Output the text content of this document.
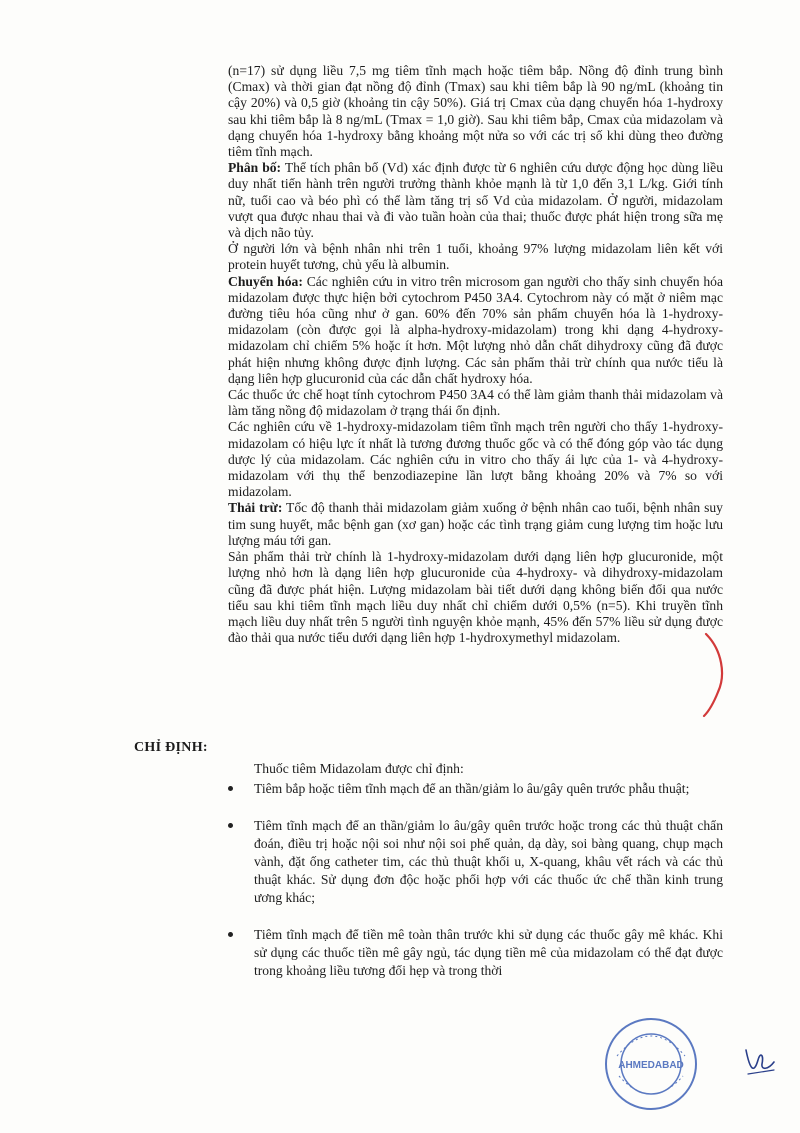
(n=17) sử dụng liều 7,5 mg tiêm tĩnh mạch hoặc tiêm bắp. Nồng độ đỉnh trung bình (Cmax) và thời gian đạt nồng độ đỉnh (Tmax) sau khi tiêm bắp là 90 ng/mL (khoảng tin cậy 20%) và 0,5 giờ (khoảng tin cậy 50%). Giá trị Cmax của dạng chuyển hóa 1-hydroxy sau khi tiêm bắp là 8 ng/mL (Tmax = 1,0 giờ). Sau khi tiêm bắp, Cmax của midazolam và dạng chuyển hóa 1-hydroxy bằng khoảng một nửa so với các trị số khi dùng theo đường tiêm tĩnh mạch.

Phân bố: Thể tích phân bố (Vd) xác định được từ 6 nghiên cứu dược động học dùng liều duy nhất tiến hành trên người trưởng thành khỏe mạnh là từ 1,0 đến 3,1 L/kg. Giới tính nữ, tuổi cao và béo phì có thể làm tăng trị số Vd của midazolam. Ở người, midazolam vượt qua được nhau thai và đi vào tuần hoàn của thai; thuốc được phát hiện trong sữa mẹ và dịch não tủy.

Ở người lớn và bệnh nhân nhi trên 1 tuổi, khoảng 97% lượng midazolam liên kết với protein huyết tương, chủ yếu là albumin.

Chuyển hóa: Các nghiên cứu in vitro trên microsom gan người cho thấy sinh chuyển hóa midazolam được thực hiện bởi cytochrom P450 3A4. Cytochrom này có mặt ở niêm mạc đường tiêu hóa cũng như ở gan. 60% đến 70% sản phẩm chuyển hóa là 1-hydroxy-midazolam (còn được gọi là alpha-hydroxy-midazolam) trong khi dạng 4-hydroxy-midazolam chỉ chiếm 5% hoặc ít hơn. Một lượng nhỏ dẫn chất dihydroxy cũng đã được phát hiện nhưng không được định lượng. Các sản phẩm thải trừ chính qua nước tiểu là dạng liên hợp glucuronid của các dẫn chất hydroxy hóa.

Các thuốc ức chế hoạt tính cytochrom P450 3A4 có thể làm giảm thanh thải midazolam và làm tăng nồng độ midazolam ở trạng thái ổn định.

Các nghiên cứu về 1-hydroxy-midazolam tiêm tĩnh mạch trên người cho thấy 1-hydroxy-midazolam có hiệu lực ít nhất là tương đương thuốc gốc và có thể đóng góp vào tác dụng dược lý của midazolam. Các nghiên cứu in vitro cho thấy ái lực của 1- và 4-hydroxy-midazolam với thụ thể benzodiazepine lần lượt bằng khoảng 20% và 7% so với midazolam.

Thải trừ: Tốc độ thanh thải midazolam giảm xuống ở bệnh nhân cao tuổi, bệnh nhân suy tim sung huyết, mắc bệnh gan (xơ gan) hoặc các tình trạng giảm cung lượng tim hoặc lưu lượng máu tới gan.

Sản phẩm thải trừ chính là 1-hydroxy-midazolam dưới dạng liên hợp glucuronide, một lượng nhỏ hơn là dạng liên hợp glucuronide của 4-hydroxy- và dihydroxy-midazolam cũng đã được phát hiện. Lượng midazolam bài tiết dưới dạng không biến đổi qua nước tiểu sau khi tiêm tĩnh mạch liều duy nhất chỉ chiếm dưới 0,5% (n=5). Khi truyền tĩnh mạch liều duy nhất trên 5 người tình nguyện khỏe mạnh, 45% đến 57% liều sử dụng được đào thải qua nước tiểu dưới dạng liên hợp 1-hydroxymethyl midazolam.

CHỈ ĐỊNH:

Thuốc tiêm Midazolam được chỉ định:

Tiêm bắp hoặc tiêm tĩnh mạch để an thần/giảm lo âu/gây quên trước phẫu thuật;
Tiêm tĩnh mạch để an thần/giảm lo âu/gây quên trước hoặc trong các thủ thuật chẩn đoán, điều trị hoặc nội soi như nội soi phế quản, dạ dày, soi bàng quang, chụp mạch vành, đặt ống catheter tim, các thủ thuật khối u, X-quang, khâu vết rách và các thủ thuật khác. Sử dụng đơn độc hoặc phối hợp với các thuốc ức chế thần kinh trung ương khác;
Tiêm tĩnh mạch để tiền mê toàn thân trước khi sử dụng các thuốc gây mê khác. Khi sử dụng các thuốc tiền mê gây ngủ, tác dụng tiền mê của midazolam có thể đạt được trong khoảng liều tương đối hẹp và trong thời
AHMEDABAD
